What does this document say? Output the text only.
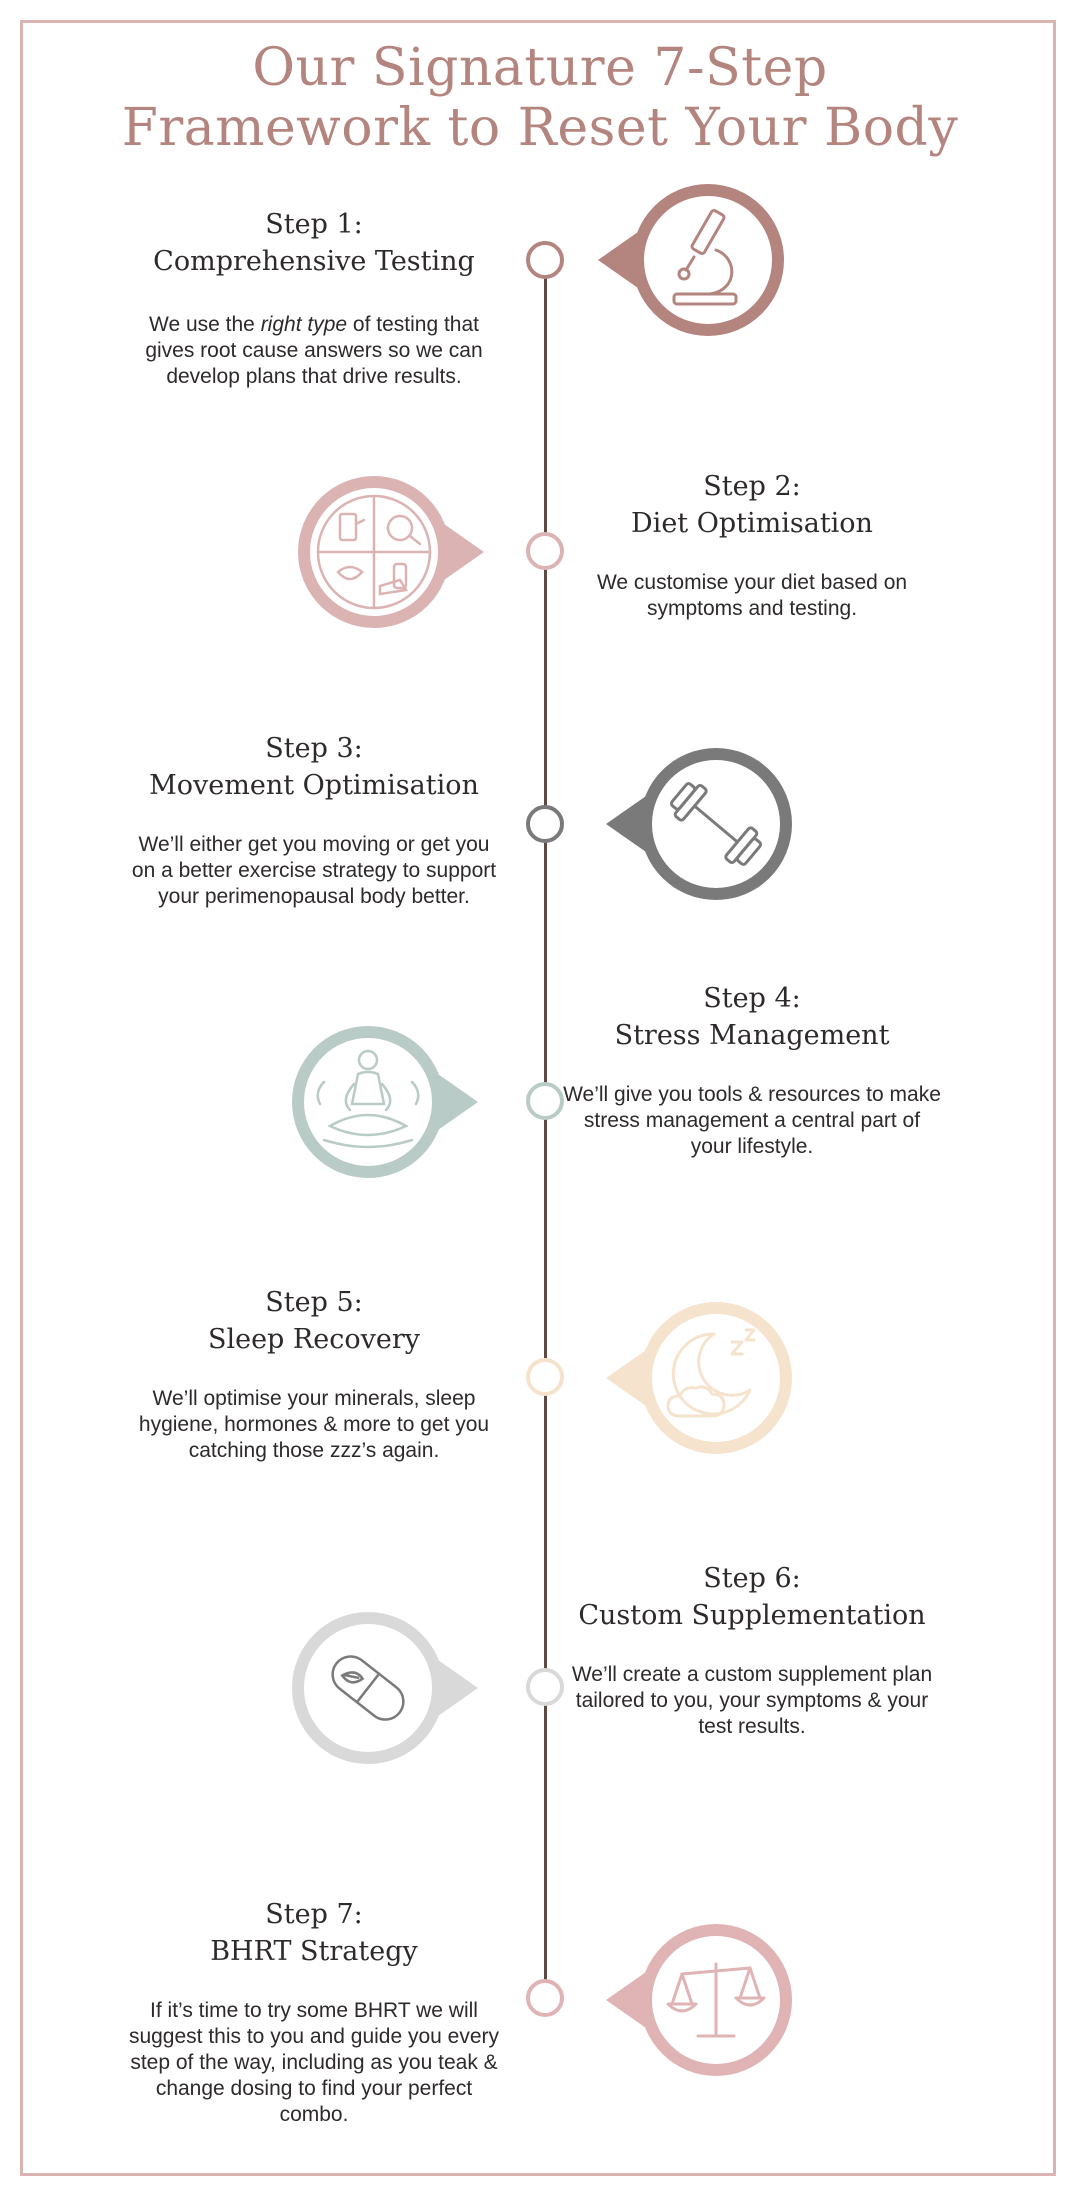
Our Signature 7-Step
Framework to Reset Your Body
Step 1:
Comprehensive Testing

We use the right type of testing that gives root cause answers so we can develop plans that drive results.

Step 2:
Diet Optimisation

We customise your diet based on symptoms and testing.

Step 3:
Movement Optimisation

We’ll either get you moving or get you on a better exercise strategy to support your perimenopausal body better.

Step 4:
Stress Management

We’ll give you tools & resources to make stress management a central part of your lifestyle.

Step 5:
Sleep Recovery

We’ll optimise your minerals, sleep hygiene, hormones & more to get you catching those zzz’s again.

Step 6:
Custom Supplementation

We’ll create a custom supplement plan tailored to you, your symptoms & your test results.

Step 7:
BHRT Strategy

If it’s time to try some BHRT we will suggest this to you and guide you every step of the way, including as you teak & change dosing to find your perfect combo.
